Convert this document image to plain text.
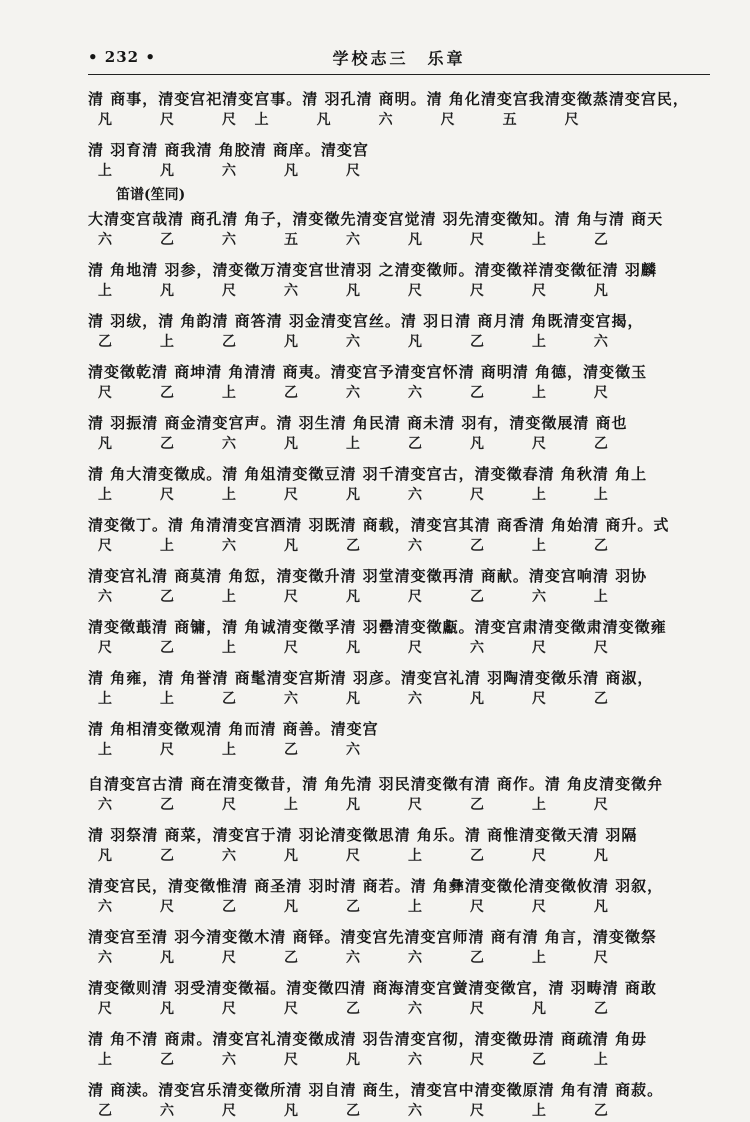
• 232 •	学校志三　乐章
清 商事，清变宫祀清变宫事。清 羽孔清 商明。清 角化清变宫我清变徵蒸清变宫民，
凡        尺        尺   上        凡        六        尺        五        尺
清 羽育清 商我清 角胶清 商庠。清变宫
上        凡        六        凡        尺
笛谱(笙同)
大清变宫哉清 商孔清 角子，清变徵先清变宫觉清 羽先清变徵知。清 角与清 商天
六        乙        六        五        六        凡        尺        上        乙
清 角地清 羽参，清变徵万清变宫世清羽 之清变徵师。清变徵祥清变徵征清 羽麟
上        凡        尺        六        凡        尺        尺        尺        凡
清 羽绂，清 角韵清 商答清 羽金清变宫丝。清 羽日清 商月清 角既清变宫揭，
乙        上        乙        凡        六        凡        乙        上        六
清变徵乾清 商坤清 角清清 商夷。清变宫予清变宫怀清 商明清 角德，清变徵玉
尺        乙        上        乙        六        六        乙        上        尺
清 羽振清 商金清变宫声。清 羽生清 角民清 商未清 羽有，清变徵展清 商也
凡        乙        六        凡        上        乙        凡        尺        乙
清 角大清变徵成。清 角俎清变徵豆清 羽千清变宫古，清变徵春清 角秋清 角上
上        尺        上        尺        凡        六        尺        上        上
清变徵丁。清 角清清变宫酒清 羽既清 商载，清变宫其清 商香清 角始清 商升。式
尺        上        六        凡        乙        六        乙        上        乙
清变宫礼清 商莫清 角愆，清变徵升清 羽堂清变徵再清 商献。清变宫响清 羽协
六        乙        上        尺        凡        尺        乙        六        上
清变徵蕺清 商镛，清 角诚清变徵孚清 羽罍清变徵甗。清变宫肃清变徵肃清变徵雍
尺        乙        上        尺        凡        尺        六        尺        尺
清 角雍，清 角誉清 商髦清变宫斯清 羽彦。清变宫礼清 羽陶清变徵乐清 商淑，
上        上        乙        六        凡        六        凡        尺        乙
清 角相清变徵观清 角而清 商善。清变宫
上        尺        上        乙        六
自清变宫古清 商在清变徵昔，清 角先清 羽民清变徵有清 商作。清 角皮清变徵弁
六        乙        尺        上        凡        尺        乙        上        尺
清 羽祭清 商菜，清变宫于清 羽论清变徵思清 角乐。清 商惟清变徵天清 羽隔
凡        乙        六        凡        尺        上        乙        尺        凡
清变宫民，清变徵惟清 商圣清 羽时清 商若。清 角彝清变徵伦清变徵攸清 羽叙，
六        尺        乙        凡        乙        上        尺        尺        凡
清变宫至清 羽今清变徵木清 商铎。清变宫先清变宫师清 商有清 角言，清变徵祭
六        凡        尺        乙        六        六        乙        上        尺
清变徵则清 羽受清变徵福。清变徵四清 商海清变宫黉清变徵宫，清 羽畴清 商敢
尺        凡        尺        尺        乙        六        尺        凡        乙
清 角不清 商肃。清变宫礼清变徵成清 羽告清变宫彻，清变徵毋清 商疏清 角毋
上        乙        六        尺        凡        六        尺        乙        上
清 商渎。清变宫乐清变徵所清 羽自清 商生，清变宫中清变徵原清 角有清 商菽。
乙        六        尺        凡        乙        六        尺        上        乙
